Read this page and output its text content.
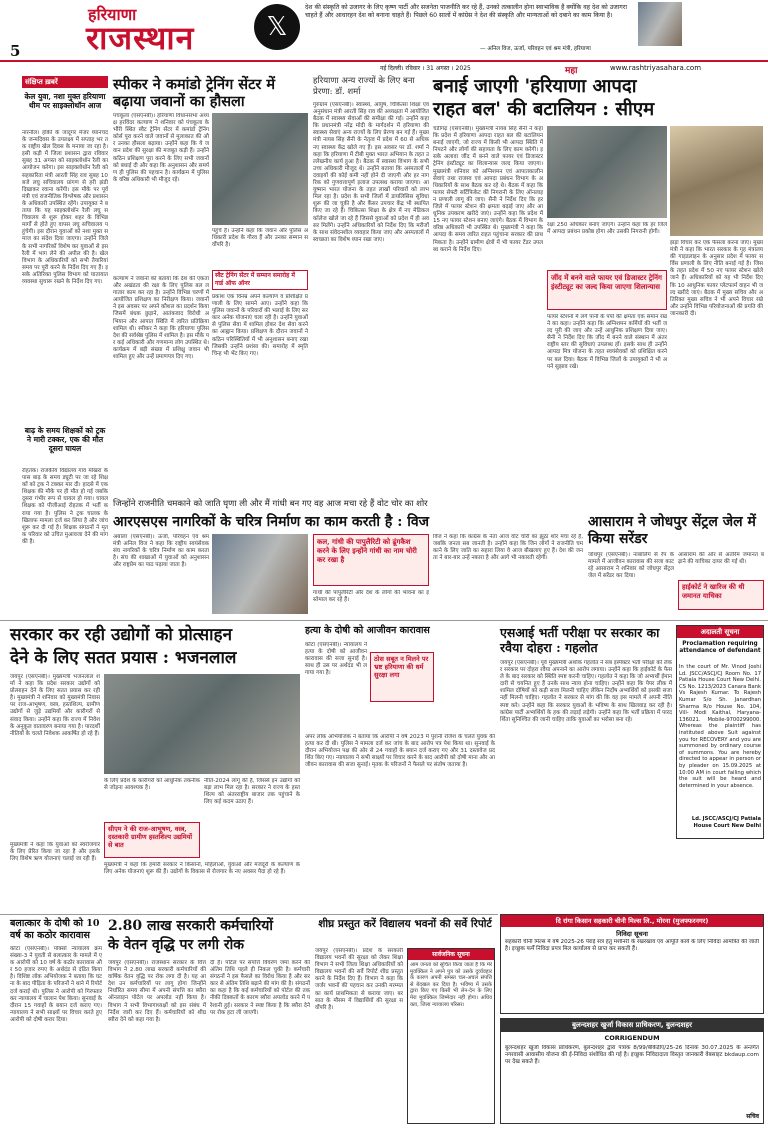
5
हरियाणा
राजस्थान	𝕏
देश की संस्कृति को उजागर के लिए कृष्ण पार्टी और सजनेता पाजनीति कर रहे हैं, उनको तत्कालीन होना स्वाभाविक है क्योंकि वह देश को उजागरा चाहते हैं और आधारहन देश को बनाना चाहते हैं। पिछले 60 सालों में कांग्रेस ने देश की संस्कृति और मान्यताओं को दबाने का काम किया है।
— अनिल विज, ऊर्जा, परिवहन एवं श्रम मंत्री, हरियाणा
नई दिल्ली। रविवार । 31 अगस्त । 2025	महा	www.rashtriyasahara.com
संक्षिप्त ख़बरें
केल युवा, नशा मुक्त हरियाणा थीम पर साइक्लोथॉन आज
नारनौल। हॉकी के जादूगर मेजर ध्यानचंद के जन्मदिवस के उपलक्ष्य में सप्ताह भर तक राष्ट्रीय खेल दिवस के मनाया जा रहा है। इसी कड़ी में जिला प्रशासन द्वारा रविवार सुबह 31 अगस्त को साइक्लोथॉन रैली का आयोजन करेगा। इस साइक्लोथॉन रैली को सहकारिता मंत्री आरती सिंह राव सुबह 10 बजे लघु सचिवालय प्रांगण से हरी झंडी दिखाकर रवाना करेंगी। इस मौके पर पूर्व मंत्री एवं राजनीतिक विश्लेषक और प्रशासन के अधिकारी उपस्थित रहेंगे। उपायुक्त ने बताया कि यह साइक्लोथॉन रैली लघु सचिवालय से शुरू होकर शहर के विभिन्न मार्गों से होते हुए वापस लघु सचिवालय पहुंचेगी। इस दौरान युवाओं को नशा मुक्त समाज का संदेश दिया जाएगा। उन्होंने जिले के सभी नागरिकों विशेष कर युवाओं से इस रैली में भाग लेने की अपील की है। खेल विभाग के अधिकारियों को सभी तैयारियां समय पर पूरी करने के निर्देश दिए गए हैं। इसके अतिरिक्त पुलिस विभाग को यातायात व्यवस्था सुचारू रखने के निर्देश दिए गए।
बाढ़ के समय शिक्षकों को ट्रक ने मारी टक्कर, एक की मौत दूसरा घायल
रोहतक। राजकीय विद्यालय गांव मोखरा के पास बाढ़ के समय ड्यूटी पर जा रहे शिक्षकों को ट्रक ने टक्कर मार दी। हादसे में एक शिक्षक की मौके पर ही मौत हो गई जबकि दूसरा गंभीर रूप से घायल हो गया। घायल शिक्षक को पीजीआई रोहतक में भर्ती कराया गया है। पुलिस ने ट्रक चालक के खिलाफ मामला दर्ज कर लिया है और जांच शुरू कर दी गई है। शिक्षक संगठनों ने मृतक परिवार को उचित मुआवजा देने की मांग की है।
स्पीकर ने कमांडो ट्रेनिंग सेंटर में बढ़ाया जवानों का हौसला
पंचकूला (एसएनबी)। हरियाणा विधानसभा अध्यक्ष हरविंदर कल्याण ने शनिवार को पंचकूला के भौंरी स्थित स्वैट ट्रेनिंग सेंटर में कमांडो ट्रेनिंग कोर्स पूरा करने वाले जवानों से मुलाकात की और उनका हौसला बढ़ाया। उन्होंने कहा कि ये जवान प्रदेश की सुरक्षा की मजबूत कड़ी हैं। उन्होंने कठिन प्रशिक्षण पूरा करने के लिए सभी जवानों को बधाई दी और कहा कि अनुशासन और समर्पण ही पुलिस की पहचान है। कार्यक्रम में पुलिस के वरिष्ठ अधिकारी भी मौजूद रहे।
पहुंचे हैं। उन्होंने कहा कि जवान और पुलिस अधिकारी प्रदेश के गौरव हैं और उनका सम्मान सर्वोपरि है।
स्वैट ट्रेनिंग सेंटर में सम्मान समारोह में गार्ड ऑफ ऑनर
कल्याण ने जवानों को बताया कि देश की एकता और अखंडता की रक्षा के लिए पुलिस बल लगातार काम कर रहा है। उन्होंने विभिन्न चरणों में आयोजित प्रशिक्षण का निरीक्षण किया। जवानों ने इस अवसर पर अपने कौशल का प्रदर्शन किया जिसमें बंधक छुड़ाने, आतंकवाद विरोधी अभियान और आपात स्थिति में त्वरित प्रतिक्रिया शामिल थी। स्पीकर ने कहा कि हरियाणा पुलिस देश की सर्वश्रेष्ठ पुलिस में शामिल है। इस मौके पर कई अधिकारी और गणमान्य लोग उपस्थित थे। कार्यक्रम में बड़ी संख्या में प्रशिक्षु जवान भी शामिल हुए और उन्हें प्रमाणपत्र दिए गए।
प्रकाश एक विनम्र अपने कल्याण व प्रशिक्षित प्रणाली के लिए सामने आए। उन्होंने कहा कि पुलिस जवानों के परिवारों की भलाई के लिए सरकार अनेक योजनाएं चला रही है। उन्होंने युवाओं से पुलिस सेवा में शामिल होकर देश सेवा करने का आह्वान किया। प्रशिक्षण के दौरान जवानों ने कठिन परिस्थितियों में भी अनुशासन बनाए रखा जिसकी उन्होंने प्रशंसा की। समारोह में स्मृति चिन्ह भी भेंट किए गए।
हरियाणा अन्य राज्यों के लिए बना प्रेरणा: डॉ. शर्मा
गुरुग्राम (एसएनबी)। स्वास्थ्य, आयुष, चिकित्सा शिक्षा एवं अनुसंधान मंत्री आरती सिंह राव की अध्यक्षता में आयोजित बैठक में स्वास्थ्य सेवाओं की समीक्षा की गई। उन्होंने कहा कि प्रधानमंत्री नरेंद्र मोदी के मार्गदर्शन में हरियाणा की स्वास्थ्य सेवाएं अन्य राज्यों के लिए प्रेरणा बन गई हैं। मुख्यमंत्री नायब सिंह सैनी के नेतृत्व में प्रदेश में 60 से अधिक नए स्वास्थ्य केंद्र खोले गए हैं। इस अवसर पर डॉ. शर्मा ने कहा कि हरियाणा में टीबी मुक्त भारत अभियान के तहत उल्लेखनीय कार्य हुआ है। बैठक में स्वास्थ्य विभाग के सभी उच्च अधिकारी मौजूद थे। उन्होंने बताया कि अस्पतालों में दवाइयों की कोई कमी नहीं होने दी जाएगी और हर नागरिक को गुणवत्तापूर्ण इलाज उपलब्ध कराया जाएगा। आयुष्मान भारत योजना के तहत लाखों परिवारों को लाभ मिल रहा है। प्रदेश के सभी जिलों में डायलिसिस सुविधा शुरू की जा चुकी है और कैंसर उपचार केंद्र भी स्थापित किए जा रहे हैं। चिकित्सा शिक्षा के क्षेत्र में नए मेडिकल कॉलेज खोले जा रहे हैं जिससे युवाओं को प्रदेश में ही अवसर मिलेंगे। उन्होंने अधिकारियों को निर्देश दिए कि मरीजों के साथ संवेदनशील व्यवहार किया जाए और अस्पतालों में स्वच्छता का विशेष ध्यान रखा जाए।
बनाई जाएगी 'हरियाणा आपदा
राहत बल' की बटालियन : सीएम
चंडीगढ़ (एसएनबी)। मुख्यमंत्री नायब सिंह सैनी ने कहा कि प्रदेश में हरियाणा आपदा राहत बल की बटालियन बनाई जाएगी, जो राज्य में किसी भी आपदा स्थिति में निपटने और लोगों की सहायता के लिए काम करेगी। इसके अलावा जींद में बनने वाले फायर एवं डिजास्टर ट्रेनिंग इंस्टीट्यूट का शिलान्यास जल्द किया जाएगा। मुख्यमंत्री शनिवार को अग्निशमन एवं आपातकालीन सेवाएं तथा राजस्व एवं आपदा प्रबंधन विभाग के अधिकारियों के साथ बैठक कर रहे थे। बैठक में कहा कि फायर सेफ्टी सर्टिफिकेट की निगरानी के लिए ऑनलाइन प्रणाली लागू की जाए। सैनी ने निर्देश दिए कि हर जिले में फायर स्टेशन की क्षमता बढ़ाई जाए और आधुनिक उपकरण खरीदे जाएं। उन्होंने कहा कि प्रदेश में 15 नए फायर स्टेशन बनाए जाएंगे। बैठक में विभाग के वरिष्ठ अधिकारी भी उपस्थित थे। मुख्यमंत्री ने कहा कि आपदा के समय त्वरित राहत पहुंचाना सरकार की प्राथमिकता है। उन्होंने ग्रामीण क्षेत्रों में भी फायर टेंडर उपलब्ध कराने के निर्देश दिए।
रक्षा 250 अधिकार बनाए जाएंगे। उन्होंने कहा कि हर जिले में आपदा प्रबंधन प्रकोष्ठ होगा और उसकी निगरानी होगी।
जींद में बनने वाले फायर एवं डिजास्टर ट्रेनिंग इंस्टीट्यूट का जल्द किया जाएगा शिलान्यास
फायर स्टेशनों में लगे पानी के पंपों की क्षमता एक समान रखने का कहा। उन्होंने कहा कि अग्निशमन कर्मियों की भर्ती जल्द पूरी की जाए और उन्हें आधुनिक प्रशिक्षण दिया जाए। सैनी ने निर्देश दिए कि जींद में बनने वाले संस्थान में अंतरराष्ट्रीय स्तर की सुविधाएं उपलब्ध हों। इसके साथ ही उन्होंने आपदा मित्र योजना के तहत स्वयंसेवकों को प्रशिक्षित करने पर बल दिया। बैठक में विभिन्न जिलों के उपायुक्तों ने भी अपने सुझाव रखे।
झड़ा विचार कर एक फैसला करना जाए। मुख्यमंत्री ने कहा कि भारत सरकार के गृह मंत्रालय की गाइडलाइन के अनुसार प्रदेश में फायर सर्विस प्रणाली के लिए नीति बनाई गई है। जिसके तहत प्रदेश में 50 नए फायर स्टेशन खोले जाने हैं। अधिकारियों को यह भी निर्देश दिए कि 10 आधुनिक फायर प्लेटफार्म वाहन भी जल्द खरीदे जाएं। बैठक में मुख्य सचिव और अतिरिक्त मुख्य सचिव ने भी अपने विचार रखे और उन्होंने विभिन्न परियोजनाओं की प्रगति की जानकारी दी।
जिन्होंने राजनीति चमकाने को जाति घृणा ली और मैं गांधी बन गए वह आज मचा रहे हैं वोट चोर का शोर
आरएसएस नागरिकों के चरित्र निर्माण का काम करती है : विज
अंबाला (एसएनबी)। ऊर्जा, परिवहन एवं श्रम मंत्री अनिल विज ने कहा कि राष्ट्रीय स्वयंसेवक संघ नागरिकों के चरित्र निर्माण का काम करता है। संघ की शाखाओं में युवाओं को अनुशासन और राष्ट्रप्रेम का पाठ पढ़ाया जाता है।
कल, गांधी की पापुलैरिटी को ढूंगकैश करने के लिए इन्होंने गांधी का नाम चोरी कर रखा है
गांधी की पापुलैरिटी और देश के लोगों की भावना का इस्तेमाल कर रहे हैं।
विज ने कहा कि कांग्रेस के नेता आज वोट चोरी का झूठा शोर मचा रहे हैं, जबकि जनता सब जानती है। उन्होंने कहा कि जिन लोगों ने राजनीति चमकाने के लिए जाति का सहारा लिया वे आज बौखलाए हुए हैं। देश की जनता ने बार-बार उन्हें नकारा है और आगे भी नकारती रहेगी।
आसाराम ने जोधपुर सेंट्रल जेल में किया सरेंडर
जोधपुर (एसएनबी)। नाबालिग से रेप के मामले में आजीवन कारावास की सजा काट रहे आसाराम ने शनिवार को जोधपुर सेंट्रल जेल में सरेंडर कर दिया।
आसाराम की ओर से अंतरिम जमानत बढ़ाने की याचिका दायर की गई थी।
हाईकोर्ट ने खारिज की थी जमानत याचिका
सरकार कर रही उद्योगों को प्रोत्साहन
देने के लिए सतत प्रयास : भजनलाल
जयपुर (एसएनबी)। मुख्यमंत्री भजनलाल शर्मा ने कहा कि प्रदेश सरकार उद्योगों को प्रोत्साहन देने के लिए सतत प्रयास कर रही है। मुख्यमंत्री ने शनिवार को मुख्यमंत्री निवास पर राज-आभूषण, वस्त्र, हस्तशिल्प, ग्रामीण उद्योगों से जुड़े उद्यमियों और कारीगरों से संवाद किया। उन्होंने कहा कि राज्य में निवेश के अनुकूल वातावरण बनाया गया है। पारदर्शी नीतियों के चलते निवेशक आकर्षित हो रहे हैं।
के लिए प्रदेश के कारीगरों को आधुनिक तकनीक से जोड़ना आवश्यक है।
सीएम ने की राज-आभूषण, वस्त्र, दस्तकारी ग्रामीण हस्तशिल्प उद्यमियों से बात
नीति-2024 लागू की है, जिससे इन उद्योगों को बड़ा लाभ मिल रहा है। सरकार ने राज्य के हस्तशिल्प को अंतरराष्ट्रीय बाजार तक पहुंचाने के लिए कई कदम उठाए हैं।
मुख्यमंत्री ने कहा कि युवाओं को स्वरोजगार के लिए प्रेरित किया जा रहा है और इसके लिए विशेष ऋण योजनाएं चलाई जा रही हैं।
मुख्यमंत्री ने कहा कि हमारी सरकार ने किसानों, महिलाओं, युवाओं और मजदूरों के कल्याण के लिए अनेक योजनाएं शुरू की हैं। उद्योगों के विकास से रोजगार के नए अवसर पैदा हो रहे हैं।
हत्या के दोषी को आजीवन कारावास
कोटा (एसएनबी)। न्यायालय ने हत्या के दोषी को आजीवन कारावास की सजा सुनाई है। साथ ही उस पर अर्थदंड भी लगाया गया है।
ठोस सबूत न मिलने पर भ्रष्ट हरियाणा की धर्म सुरक्षा लगा
अपर लोक अभियोजक ने बताया कि आरोपी ने वर्ष 2023 में पुरानी रंजिश के चलते युवक की हत्या कर दी थी। पुलिस ने मामला दर्ज कर जांच के बाद आरोप पत्र पेश किया था। सुनवाई के दौरान अभियोजन पक्ष की ओर से 24 गवाहों के बयान दर्ज कराए गए और 31 दस्तावेज प्रदर्शित किए गए। न्यायालय ने सभी साक्ष्यों पर विचार करने के बाद आरोपी को दोषी माना और आजीवन कारावास की सजा सुनाई। मृतक के परिजनों ने फैसले पर संतोष जताया है।
एसआई भर्ती परीक्षा पर सरकार का रवैया दोहरा : गहलोत
जयपुर (एसएनबी)। पूर्व मुख्यमंत्री अशोक गहलोत ने सब इंस्पेक्टर भर्ती परीक्षा को लेकर सरकार पर दोहरा रवैया अपनाने का आरोप लगाया। उन्होंने कहा कि हाईकोर्ट के फैसले के बाद सरकार को स्थिति स्पष्ट करनी चाहिए। गहलोत ने कहा कि जो अभ्यर्थी ईमानदारी से चयनित हुए हैं उनके साथ न्याय होना चाहिए। उन्होंने कहा कि पेपर लीक में शामिल दोषियों को कड़ी सजा मिलनी चाहिए लेकिन निर्दोष अभ्यर्थियों को इसकी सजा नहीं मिलनी चाहिए। गहलोत ने सरकार से मांग की कि वह इस मामले में अपनी नीति स्पष्ट करे। उन्होंने कहा कि सरकार युवाओं के भविष्य के साथ खिलवाड़ कर रही है। कांग्रेस पार्टी अभ्यर्थियों के हक की लड़ाई लड़ेगी। उन्होंने कहा कि भर्ती प्रक्रिया में पारदर्शिता सुनिश्चित की जानी चाहिए ताकि युवाओं का भरोसा बना रहे।
अदालती सूचना
Proclamation requiring attendance of defendant
In the court of Mr. Vinod Joshi Ld. JSCC/ASCJ/CJ Room No. 17 Patiala House Court New Delhi. CS No. 1213/2023 Canara Bank Vs Rajesh Kumar. To Rajesh Kumar S/o Sh. Janardhan Sharma R/o House No. 104, Vill- Modi Kaithal, Haryana-136021. Mobile-9700299000. Whereas the plaintiff has instituted above Suit against you for RECOVERY and you are summoned by ordinary course of summons. You are hereby directed to appear in person or by pleader on 15.09.2025 at 10:00 AM in court failing which the suit will be heard and determined in your absence.
Ld. JSCC/ASCJ/CJ Patiala House Court New Delhi
दि रांगा किसान सहकारी चीनी मिल्स लि., मोरना (मुजफ्फरनगर)
निविदा सूचना
सहकारी चीनी मिल्स में वर्ष 2025-26 पेराई सत्र हेतु मशीनरी के रखरखाव एवं आपूर्ति कार्य के लिए निविदा आमंत्रित की जाती है। इच्छुक फर्में निविदा प्रपत्र मिल कार्यालय से प्राप्त कर सकती हैं।
बुलन्दशहर खुर्जा विकास प्राधिकरण, बुलन्दशहर
CORRIGENDUM
बुलन्दशहर खुर्जा विकास प्राधिकरण, बुलन्दशहर द्वारा पत्रांक 8/99/बीकेडीए/25-26 दिनांक 30.07.2025 के अन्तर्गत नगरवासी आवासीय योजना की ई-निविदा संशोधित की गई है। इच्छुक निविदादाता विस्तृत जानकारी वेबसाइट bkdaup.com पर देख सकते हैं।
सचिव
बलात्कार के दोषी को 10 वर्ष का कठोर कारावास
कोटा (एसएनबी)। पोक्सो न्यायालय क्रम संख्या-3 ने युवती से बलात्कार के मामले में एक आरोपी को 10 वर्ष के कठोर कारावास और 50 हजार रुपए के अर्थदंड से दंडित किया है। विशिष्ट लोक अभियोजक ने बताया कि घटना के बाद पीड़िता के परिजनों ने थाने में रिपोर्ट दर्ज कराई थी। पुलिस ने आरोपी को गिरफ्तार कर न्यायालय में चालान पेश किया। सुनवाई के दौरान 15 गवाहों के बयान दर्ज कराए गए। न्यायालय ने सभी साक्ष्यों पर विचार करते हुए आरोपी को दोषी करार दिया।
2.80 लाख सरकारी कर्मचारियों
के वेतन वृद्धि पर लगी रोक
जयपुर (एसएनबी)। राजस्थान सरकार के वित्त विभाग ने 2.80 लाख सरकारी कर्मचारियों की वार्षिक वेतन वृद्धि पर रोक लगा दी है। यह आदेश उन कर्मचारियों पर लागू होगा जिन्होंने निर्धारित समय सीमा में अपनी संपत्ति का ब्यौरा ऑनलाइन पोर्टल पर अपलोड नहीं किया है। विभाग ने सभी विभागाध्यक्षों को इस संबंध में निर्देश जारी कर दिए हैं। कर्मचारियों को शीघ्र ब्यौरा देने को कहा गया है।
दी है। पोर्टल पर संपत्ति विवरण जमा करने की अंतिम तिथि पहले ही निकल चुकी है। कर्मचारी संगठनों ने इस फैसले का विरोध किया है और सरकार से अंतिम तिथि बढ़ाने की मांग की है। संगठनों का कहा है कि कई कर्मचारियों को पोर्टल की तकनीकी दिक्कतों के कारण ब्यौरा अपलोड करने में परेशानी हुई। सरकार ने स्पष्ट किया है कि ब्यौरा देने पर रोक हटा ली जाएगी।
शीघ्र प्रस्तुत करें विद्यालय भवनों की सर्वे रिपोर्ट
जयपुर (एसएनबी)। प्रदेश के सरकारी विद्यालय भवनों की सुरक्षा को लेकर शिक्षा विभाग ने सभी जिला शिक्षा अधिकारियों को विद्यालय भवनों की सर्वे रिपोर्ट शीघ्र प्रस्तुत करने के निर्देश दिए हैं। विभाग ने कहा कि जर्जर भवनों की पहचान कर उनकी मरम्मत का कार्य प्राथमिकता से कराया जाए। बरसात के मौसम में विद्यार्थियों की सुरक्षा सर्वोपरि है।
सार्वजनिक सूचना
आम जनता को सूचित किया जाता है कि मेरे मुवक्किल ने अपने पुत्र को उसके दुर्व्यवहार के कारण अपनी समस्त चल-अचल संपत्ति से बेदखल कर दिया है। भविष्य में उसके द्वारा किए गए किसी भी लेन-देन के लिए मेरा मुवक्किल जिम्मेदार नहीं होगा। अधिवक्ता, जिला न्यायालय परिसर।
